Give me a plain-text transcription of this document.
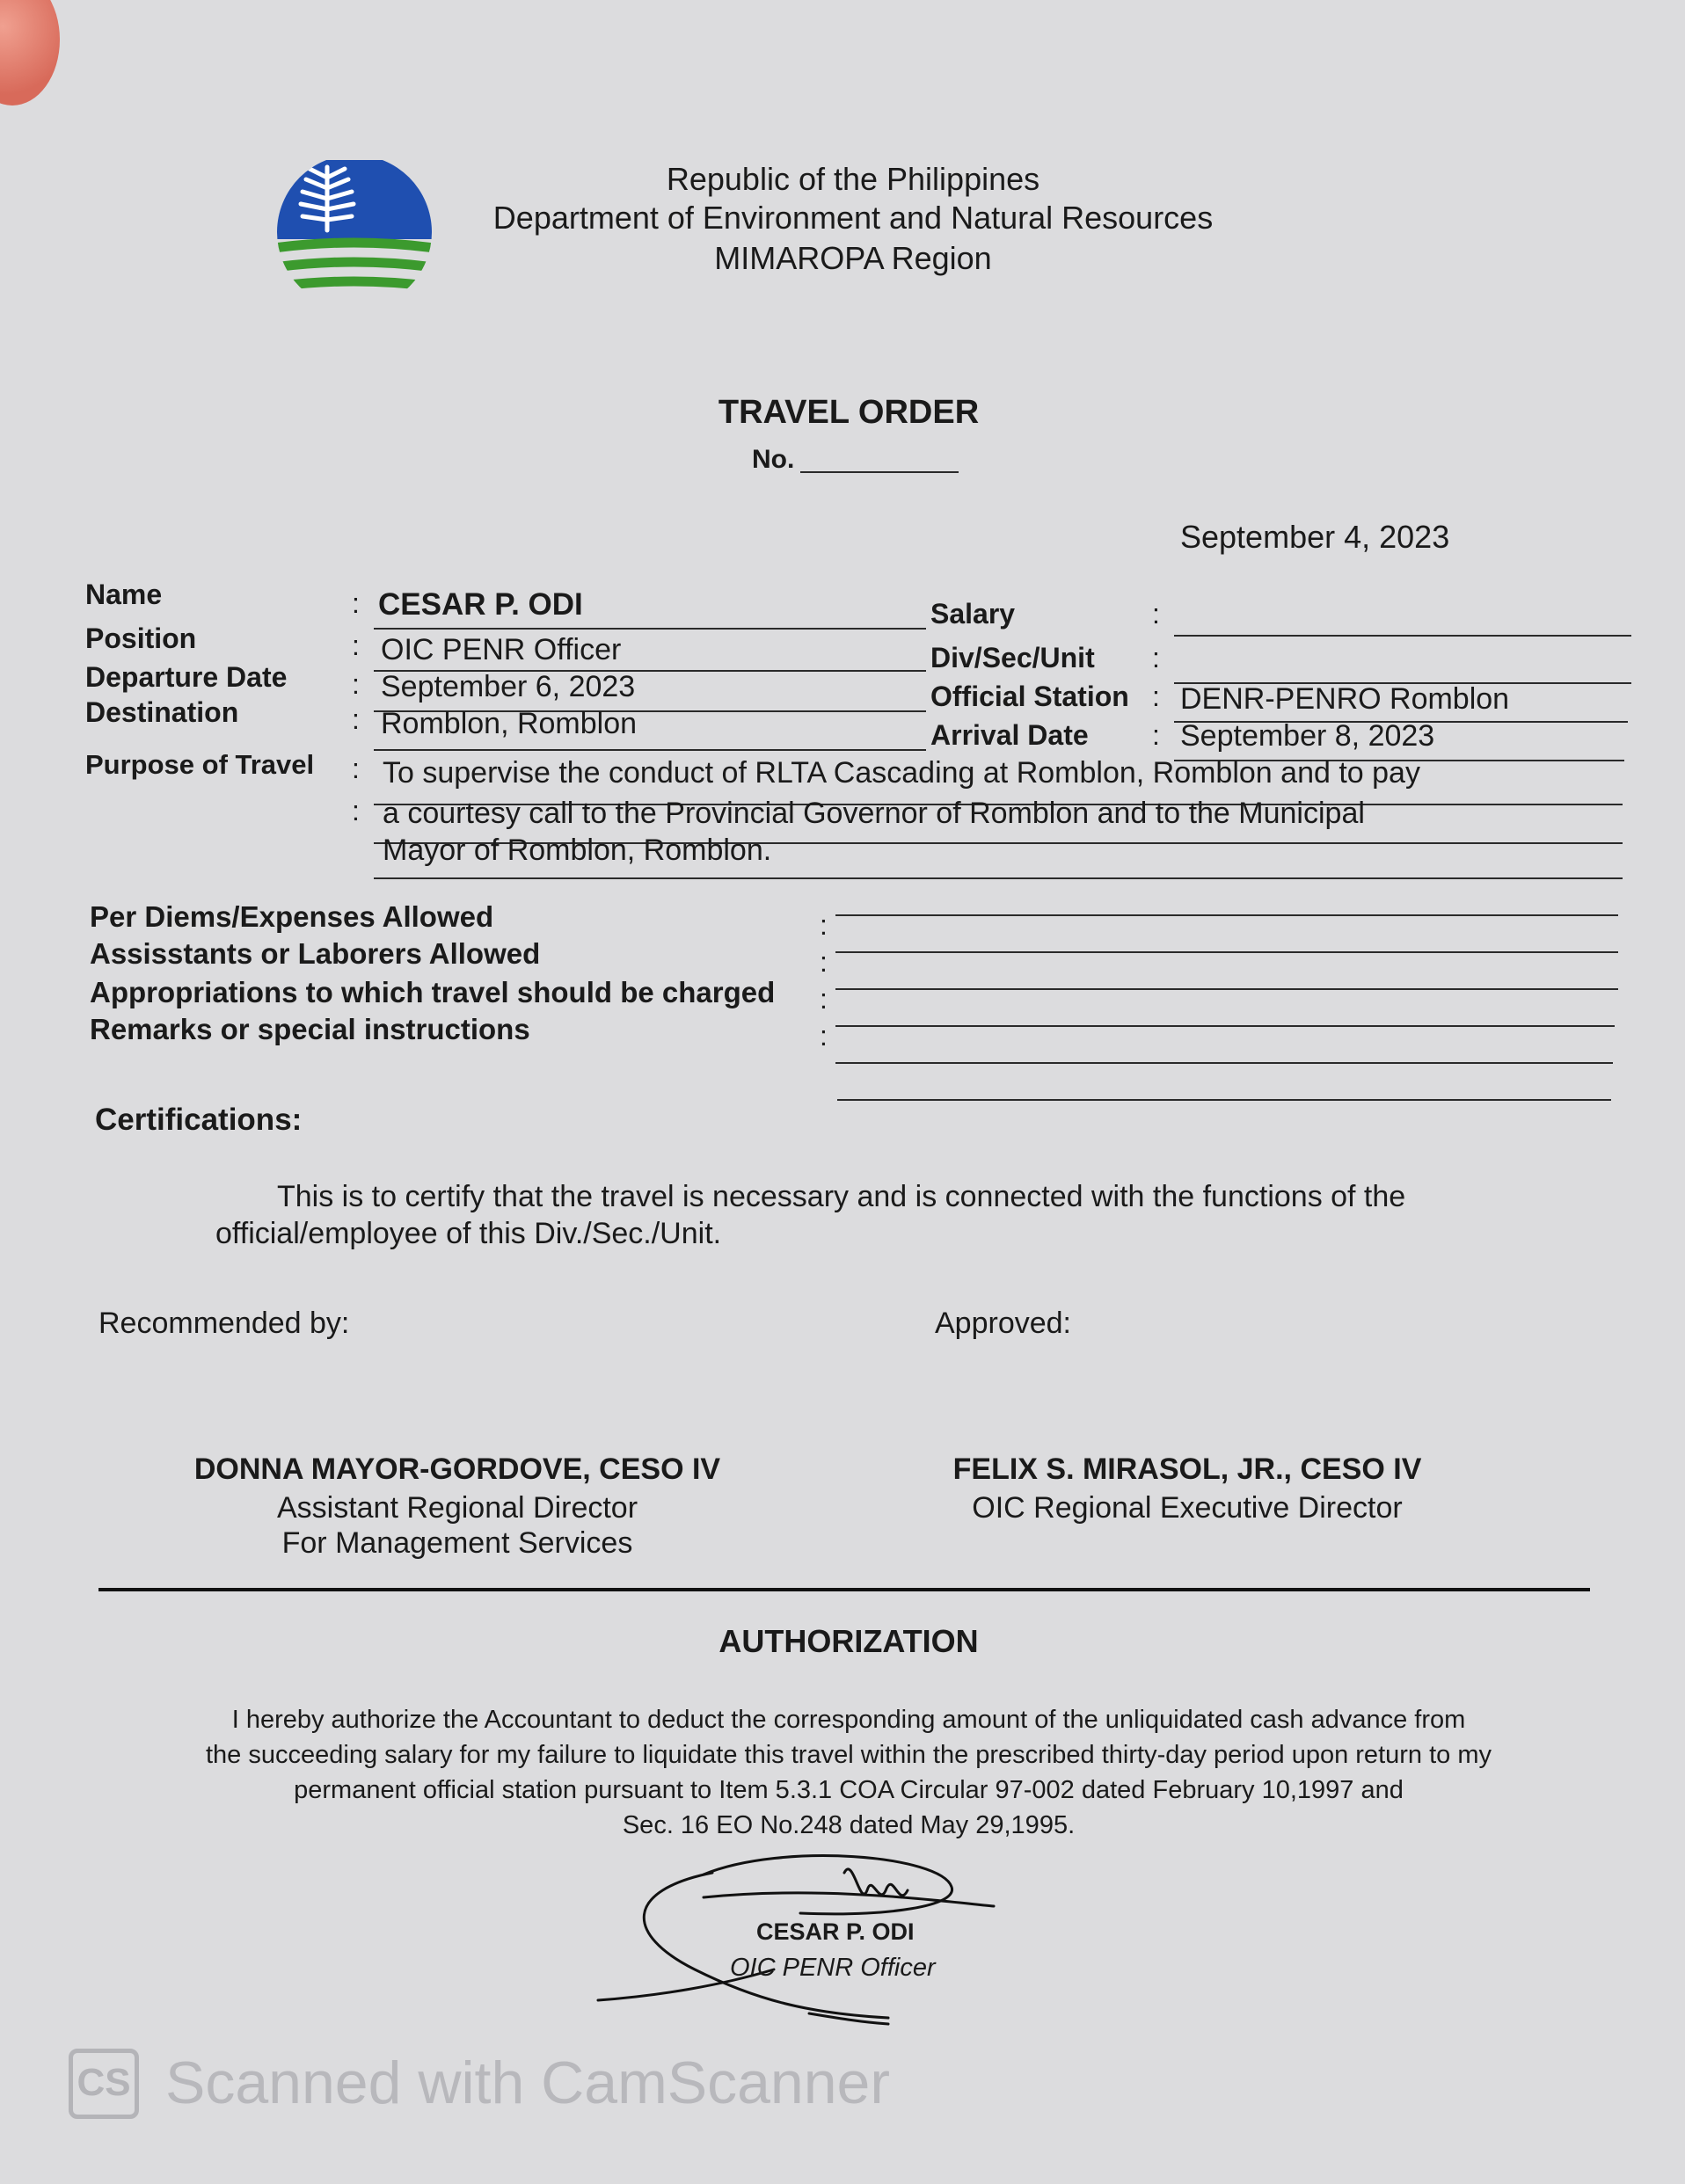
Republic of the Philippines
Department of Environment and Natural Resources
MIMAROPA Region
TRAVEL ORDER
No.
September 4, 2023
Name	: CESAR P. ODI
Position	: OIC PENR Officer
Departure Date : September 6, 2023
Destination	: Romblon, Romblon
Salary	:
Div/Sec/Unit :
Official Station : DENR-PENRO Romblon
Arrival Date : September 8, 2023
Purpose of Travel : To supervise the conduct of RLTA Cascading at Romblon, Romblon and to pay
: a courtesy call to the Provincial Governor of Romblon and to the Municipal
Mayor of Romblon, Romblon.
Per Diems/Expenses Allowed	:
Assisstants or Laborers Allowed	:
Appropriations to which travel should be charged :
Remarks or special instructions	:
Certifications:
This is to certify that the travel is necessary and is connected with the functions of the
official/employee of this Div./Sec./Unit.
Recommended by:	Approved:
DONNA MAYOR-GORDOVE, CESO IV
Assistant Regional Director
For Management Services
FELIX S. MIRASOL, JR., CESO IV
OIC Regional Executive Director
AUTHORIZATION
I hereby authorize the Accountant to deduct the corresponding amount of the unliquidated cash advance from
the succeeding salary for my failure to liquidate this travel within the prescribed thirty-day period upon return to my
permanent official station pursuant to Item 5.3.1 COA Circular 97-002 dated February 10,1997 and
Sec. 16 EO No.248 dated May 29,1995.
CESAR P. ODI
OIC PENR Officer
CS Scanned with CamScanner
